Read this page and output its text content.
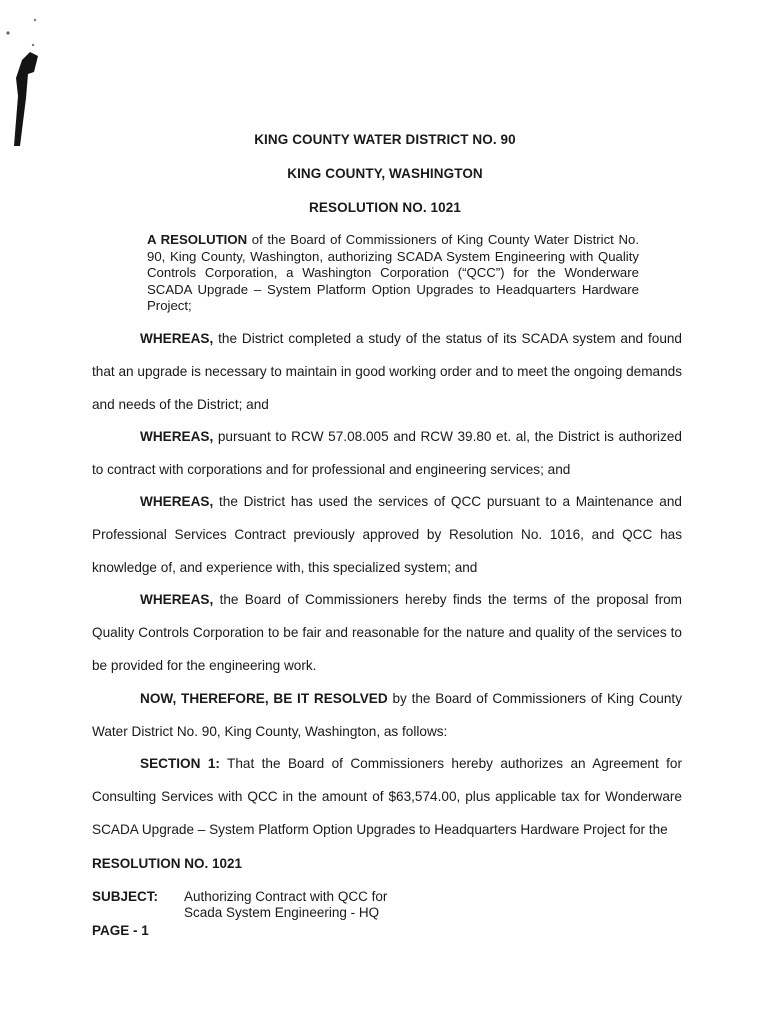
KING COUNTY WATER DISTRICT NO. 90
KING COUNTY, WASHINGTON
RESOLUTION NO. 1021
A RESOLUTION of the Board of Commissioners of King County Water District No. 90, King County, Washington, authorizing SCADA System Engineering with Quality Controls Corporation, a Washington Corporation (“QCC”) for the Wonderware SCADA Upgrade – System Platform Option Upgrades to Headquarters Hardware Project;
WHEREAS, the District completed a study of the status of its SCADA system and found that an upgrade is necessary to maintain in good working order and to meet the ongoing demands and needs of the District; and
WHEREAS, pursuant to RCW 57.08.005 and RCW 39.80 et. al, the District is authorized to contract with corporations and for professional and engineering services; and
WHEREAS, the District has used the services of QCC pursuant to a Maintenance and Professional Services Contract previously approved by Resolution No. 1016, and QCC has knowledge of, and experience with, this specialized system; and
WHEREAS, the Board of Commissioners hereby finds the terms of the proposal from Quality Controls Corporation to be fair and reasonable for the nature and quality of the services to be provided for the engineering work.
NOW, THEREFORE, BE IT RESOLVED by the Board of Commissioners of King County Water District No. 90, King County, Washington, as follows:
SECTION 1: That the Board of Commissioners hereby authorizes an Agreement for Consulting Services with QCC in the amount of $63,574.00, plus applicable tax for Wonderware SCADA Upgrade – System Platform Option Upgrades to Headquarters Hardware Project for the
RESOLUTION NO. 1021
SUBJECT:	Authorizing Contract with QCC for
Scada System Engineering - HQ
PAGE - 1
